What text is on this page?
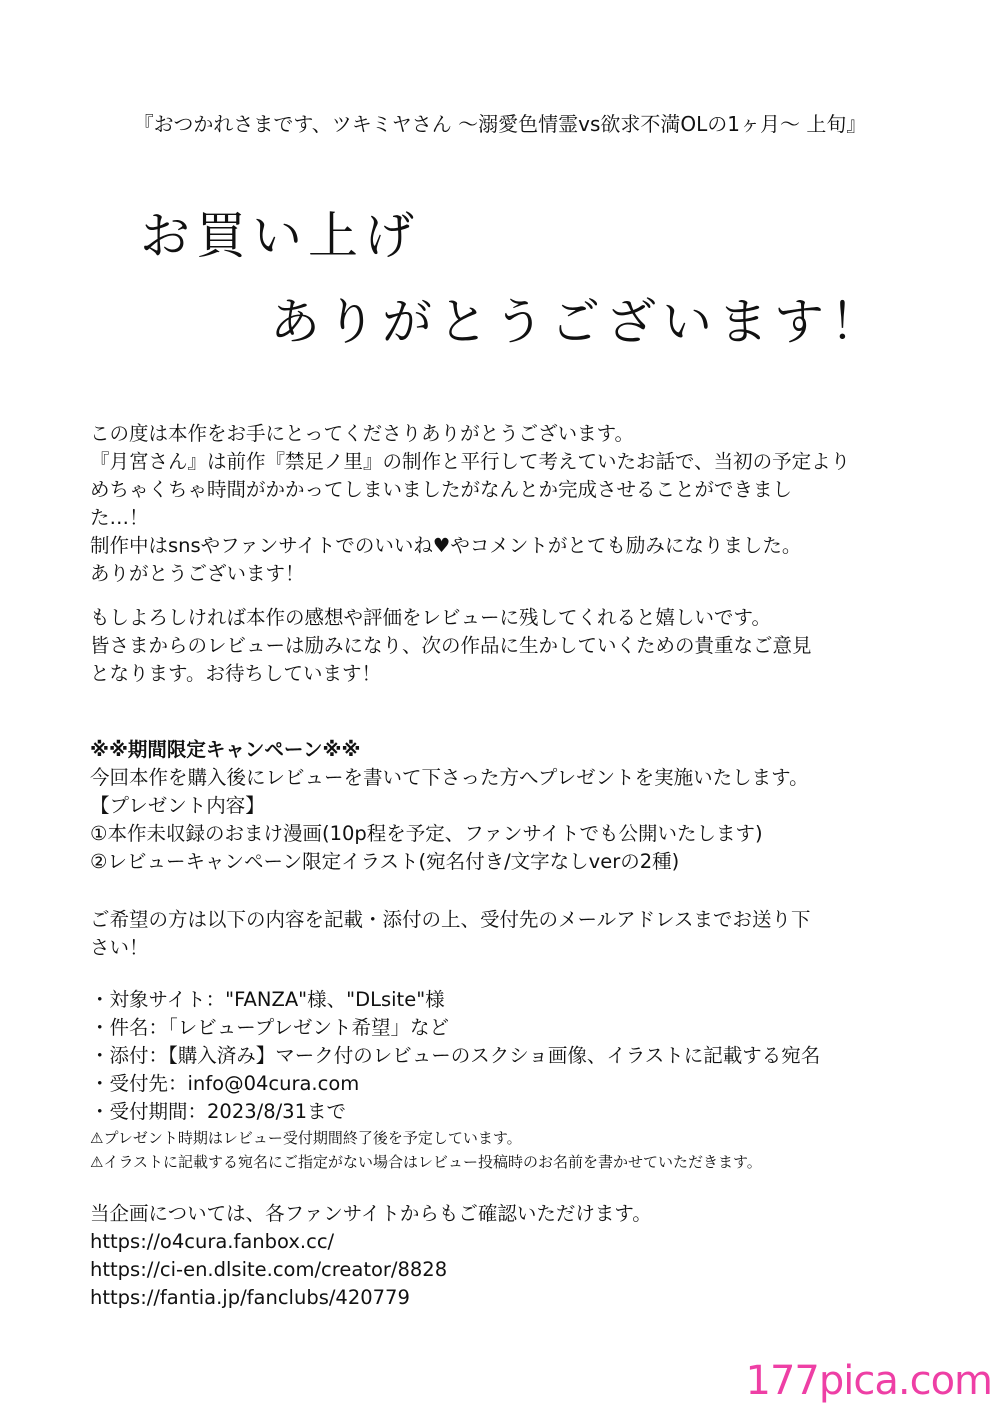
『おつかれさまです、ツキミヤさん 〜溺愛色情霊vs欲求不満OLの1ヶ月〜 上旬』
お買い上げ
ありがとうございます！

この度は本作をお手にとってくださりありがとうございます。

『月宮さん』は前作『禁足ノ里』の制作と平行して考えていたお話で、当初の予定より

めちゃくちゃ時間がかかってしまいましたがなんとか完成させることができまし

た…！

制作中はsnsやファンサイトでのいいね♥やコメントがとても励みになりました。

ありがとうございます！

もしよろしければ本作の感想や評価をレビューに残してくれると嬉しいです。

皆さまからのレビューは励みになり、次の作品に生かしていくための貴重なご意見

となります。お待ちしています！

※※期間限定キャンペーン※※

今回本作を購入後にレビューを書いて下さった方へプレゼントを実施いたします。

【プレゼント内容】

①本作未収録のおまけ漫画(10p程を予定、ファンサイトでも公開いたします)

②レビューキャンペーン限定イラスト(宛名付き/文字なしverの2種)

ご希望の方は以下の内容を記載・添付の上、受付先のメールアドレスまでお送り下

さい！

・対象サイト："FANZA"様、"DLsite"様

・件名：「レビュープレゼント希望」など

・添付：【購入済み】マーク付のレビューのスクショ画像、イラストに記載する宛名

・受付先：info@04cura.com

・受付期間：2023/8/31まで

⚠プレゼント時期はレビュー受付期間終了後を予定しています。

⚠イラストに記載する宛名にご指定がない場合はレビュー投稿時のお名前を書かせていただきます。

当企画については、各ファンサイトからもご確認いただけます。

https://o4cura.fanbox.cc/

https://ci-en.dlsite.com/creator/8828

https://fantia.jp/fanclubs/420779

177pica.com
